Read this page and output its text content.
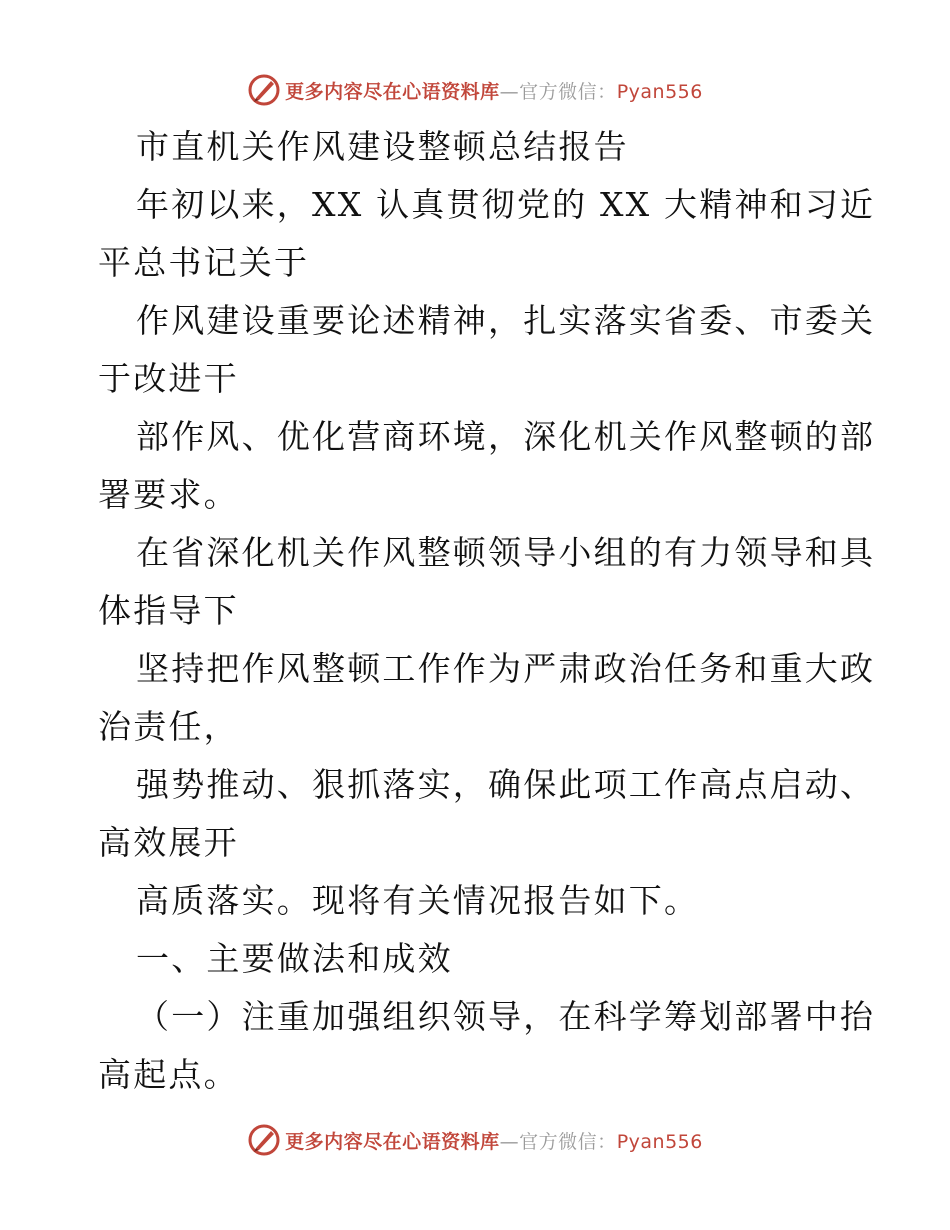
更多内容尽在心语资料库—官方微信：Pyan556
市直机关作风建设整顿总结报告
年初以来，XX 认真贯彻党的 XX 大精神和习近
平总书记关于
作风建设重要论述精神，扎实落实省委、市委关
于改进干
部作风、优化营商环境，深化机关作风整顿的部
署要求。
在省深化机关作风整顿领导小组的有力领导和具
体指导下
坚持把作风整顿工作作为严肃政治任务和重大政
治责任，
强势推动、狠抓落实，确保此项工作高点启动、
高效展开
高质落实。现将有关情况报告如下。
一、主要做法和成效
（一）注重加强组织领导，在科学筹划部署中抬
高起点。
更多内容尽在心语资料库—官方微信：Pyan556
